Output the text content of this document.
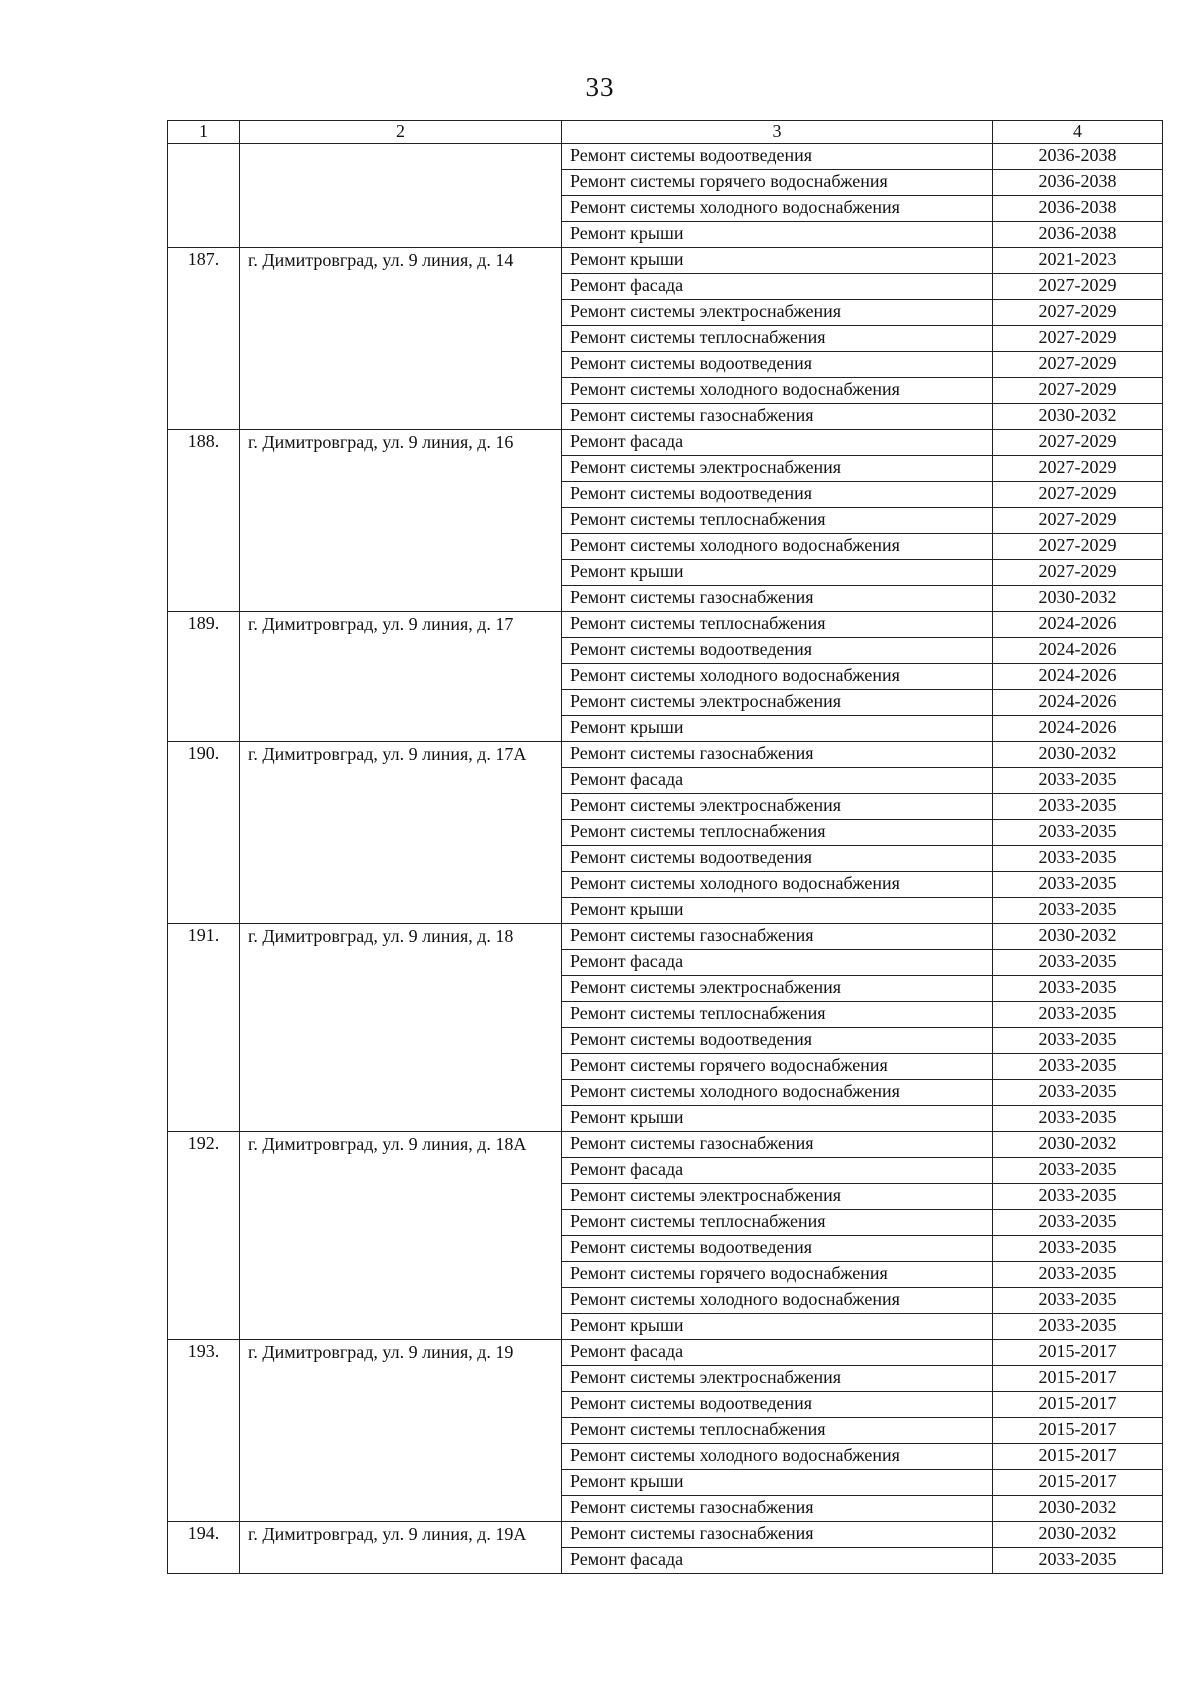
33
1	2	3	4
		Ремонт системы водоотведения	2036-2038
		Ремонт системы горячего водоснабжения	2036-2038
		Ремонт системы холодного водоснабжения	2036-2038
		Ремонт крыши	2036-2038
187.	г. Димитровград, ул. 9 линия, д. 14	Ремонт крыши	2021-2023
		Ремонт фасада	2027-2029
		Ремонт системы электроснабжения	2027-2029
		Ремонт системы теплоснабжения	2027-2029
		Ремонт системы водоотведения	2027-2029
		Ремонт системы холодного водоснабжения	2027-2029
		Ремонт системы газоснабжения	2030-2032
188.	г. Димитровград, ул. 9 линия, д. 16	Ремонт фасада	2027-2029
		Ремонт системы электроснабжения	2027-2029
		Ремонт системы водоотведения	2027-2029
		Ремонт системы теплоснабжения	2027-2029
		Ремонт системы холодного водоснабжения	2027-2029
		Ремонт крыши	2027-2029
		Ремонт системы газоснабжения	2030-2032
189.	г. Димитровград, ул. 9 линия, д. 17	Ремонт системы теплоснабжения	2024-2026
		Ремонт системы водоотведения	2024-2026
		Ремонт системы холодного водоснабжения	2024-2026
		Ремонт системы электроснабжения	2024-2026
		Ремонт крыши	2024-2026
190.	г. Димитровград, ул. 9 линия, д. 17А	Ремонт системы газоснабжения	2030-2032
		Ремонт фасада	2033-2035
		Ремонт системы электроснабжения	2033-2035
		Ремонт системы теплоснабжения	2033-2035
		Ремонт системы водоотведения	2033-2035
		Ремонт системы холодного водоснабжения	2033-2035
		Ремонт крыши	2033-2035
191.	г. Димитровград, ул. 9 линия, д. 18	Ремонт системы газоснабжения	2030-2032
		Ремонт фасада	2033-2035
		Ремонт системы электроснабжения	2033-2035
		Ремонт системы теплоснабжения	2033-2035
		Ремонт системы водоотведения	2033-2035
		Ремонт системы горячего водоснабжения	2033-2035
		Ремонт системы холодного водоснабжения	2033-2035
		Ремонт крыши	2033-2035
192.	г. Димитровград, ул. 9 линия, д. 18А	Ремонт системы газоснабжения	2030-2032
		Ремонт фасада	2033-2035
		Ремонт системы электроснабжения	2033-2035
		Ремонт системы теплоснабжения	2033-2035
		Ремонт системы водоотведения	2033-2035
		Ремонт системы горячего водоснабжения	2033-2035
		Ремонт системы холодного водоснабжения	2033-2035
		Ремонт крыши	2033-2035
193.	г. Димитровград, ул. 9 линия, д. 19	Ремонт фасада	2015-2017
		Ремонт системы электроснабжения	2015-2017
		Ремонт системы водоотведения	2015-2017
		Ремонт системы теплоснабжения	2015-2017
		Ремонт системы холодного водоснабжения	2015-2017
		Ремонт крыши	2015-2017
		Ремонт системы газоснабжения	2030-2032
194.	г. Димитровград, ул. 9 линия, д. 19А	Ремонт системы газоснабжения	2030-2032
		Ремонт фасада	2033-2035
